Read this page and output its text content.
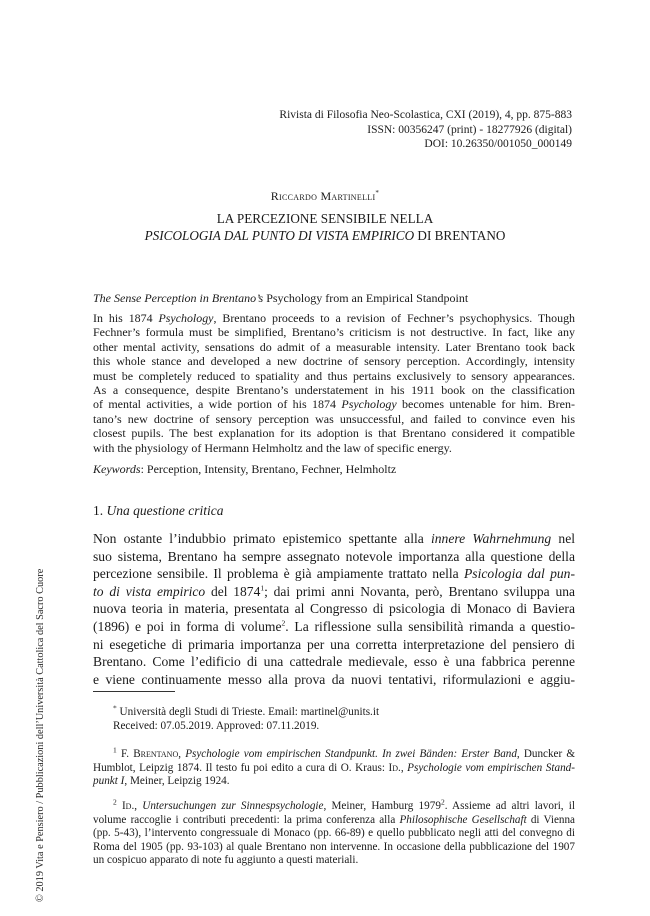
Rivista di Filosofia Neo-Scolastica, CXI (2019), 4, pp. 875-883
ISSN: 00356247 (print) - 18277926 (digital)
DOI: 10.26350/001050_000149
Riccardo Martinelli*
LA PERCEZIONE SENSIBILE NELLA
PSICOLOGIA DAL PUNTO DI VISTA EMPIRICO DI BRENTANO
The Sense Perception in Brentano’s Psychology from an Empirical Standpoint
In his 1874 Psychology, Brentano proceeds to a revision of Fechner’s psychophysics. Though
Fechner’s formula must be simplified, Brentano’s criticism is not destructive. In fact, like any
other mental activity, sensations do admit of a measurable intensity. Later Brentano took back
this whole stance and developed a new doctrine of sensory perception. Accordingly, intensity
must be completely reduced to spatiality and thus pertains exclusively to sensory appearances.
As a consequence, despite Brentano’s understatement in his 1911 book on the classification
of mental activities, a wide portion of his 1874 Psychology becomes untenable for him. Bren-
tano’s new doctrine of sensory perception was unsuccessful, and failed to convince even his
closest pupils. The best explanation for its adoption is that Brentano considered it compatible
with the physiology of Hermann Helmholtz and the law of specific energy.
Keywords: Perception, Intensity, Brentano, Fechner, Helmholtz
1. Una questione critica
Non ostante l’indubbio primato epistemico spettante alla innere Wahrnehmung nel
suo sistema, Brentano ha sempre assegnato notevole importanza alla questione della
percezione sensibile. Il problema è già ampiamente trattato nella Psicologia dal pun-
to di vista empirico del 1874$^1$; dai primi anni Novanta, però, Brentano sviluppa una
nuova teoria in materia, presentata al Congresso di psicologia di Monaco di Baviera
(1896) e poi in forma di volume$^2$. La riflessione sulla sensibilità rimanda a questio-
ni esegetiche di primaria importanza per una corretta interpretazione del pensiero di
Brentano. Come l’edificio di una cattedrale medievale, esso è una fabbrica perenne
e viene continuamente messo alla prova da nuovi tentativi, riformulazioni e aggiu-
* Università degli Studi di Trieste. Email: martinel@units.it
Received: 07.05.2019. Approved: 07.11.2019.
$^1$ F. Brentano, Psychologie vom empirischen Standpunkt. In zwei Bänden: Erster Band, Duncker &
Humblot, Leipzig 1874. Il testo fu poi edito a cura di O. Kraus: Id., Psychologie vom empirischen Stand-
punkt I, Meiner, Leipzig 1924.
$^2$ Id., Untersuchungen zur Sinnespsychologie, Meiner, Hamburg 1979$^2$. Assieme ad altri lavori, il
volume raccoglie i contributi precedenti: la prima conferenza alla Philosophische Gesellschaft di Vienna
(pp. 5-43), l’intervento congressuale di Monaco (pp. 66-89) e quello pubblicato negli atti del convegno di
Roma del 1905 (pp. 93-103) al quale Brentano non intervenne. In occasione della pubblicazione del 1907
un cospicuo apparato di note fu aggiunto a questi materiali.
© 2019 Vita e Pensiero / Pubblicazioni dell’Università Cattolica del Sacro Cuore
